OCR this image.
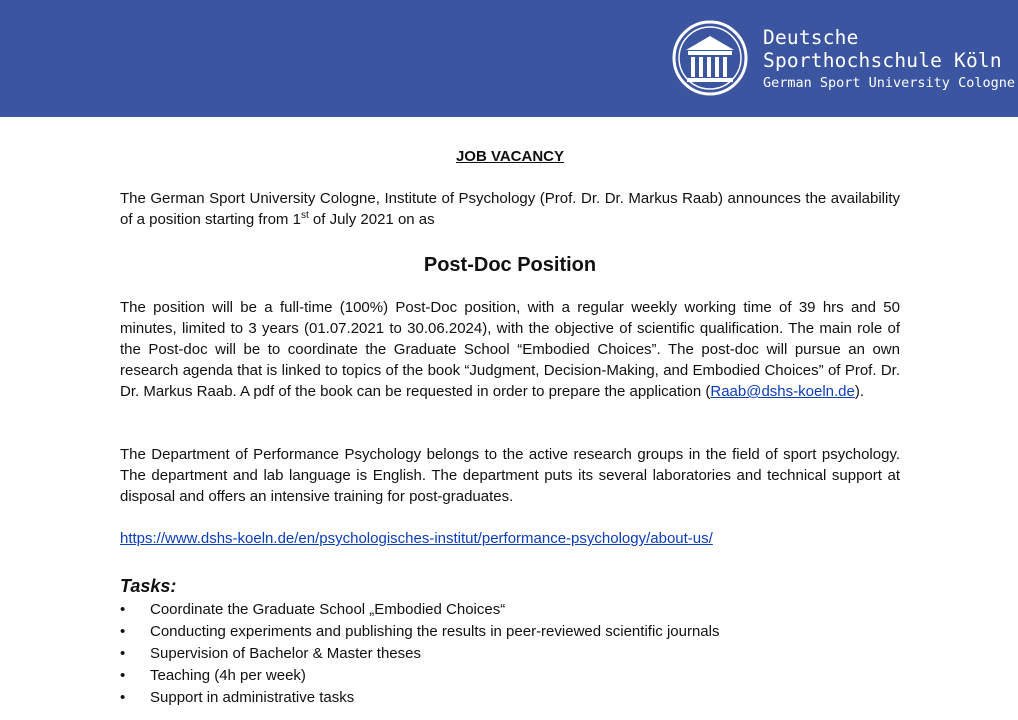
Deutsche
Sporthochschule Köln
German Sport University Cologne
JOB VACANCY
The German Sport University Cologne, Institute of Psychology (Prof. Dr. Dr. Markus Raab) announces the availability of a position starting from 1st of July 2021 on as
Post-Doc Position
The position will be a full-time (100%) Post-Doc position, with a regular weekly working time of 39 hrs and 50 minutes, limited to 3 years (01.07.2021 to 30.06.2024), with the objective of scientific qualification. The main role of the Post-doc will be to coordinate the Graduate School “Embodied Choices”. The post-doc will pursue an own research agenda that is linked to topics of the book “Judgment, Decision-Making, and Embodied Choices” of Prof. Dr. Dr. Markus Raab. A pdf of the book can be requested in order to prepare the application (Raab@dshs-koeln.de).
The Department of Performance Psychology belongs to the active research groups in the field of sport psychology. The department and lab language is English. The department puts its several laboratories and technical support at disposal and offers an intensive training for post-graduates.
https://www.dshs-koeln.de/en/psychologisches-institut/performance-psychology/about-us/
Tasks:
• Coordinate the Graduate School „Embodied Choices“
• Conducting experiments and publishing the results in peer-reviewed scientific journals
• Supervision of Bachelor & Master theses
• Teaching (4h per week)
• Support in administrative tasks
